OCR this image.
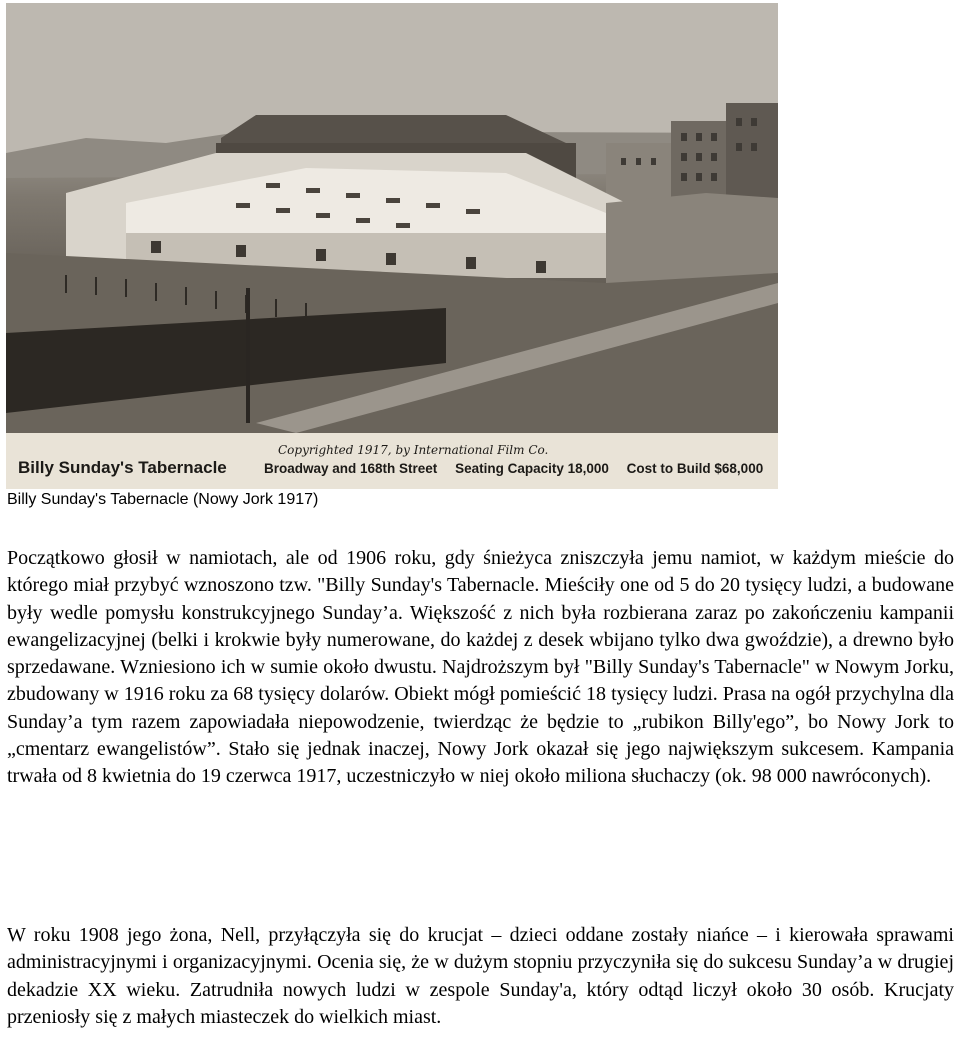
Billy Sunday's Tabernacle
Copyrighted 1917, by International Film Co.
Broadway and 168th Street Seating Capacity 18,000 Cost to Build $68,000
Billy Sunday's Tabernacle (Nowy Jork 1917)

Początkowo głosił w namiotach, ale od 1906 roku, gdy śnieżyca zniszczyła jemu namiot, w każdym mieście do którego miał przybyć wznoszono tzw. "Billy Sunday's Tabernacle. Mieściły one od 5 do 20 tysięcy ludzi, a budowane były wedle pomysłu konstrukcyjnego Sunday’a. Większość z nich była rozbierana zaraz po zakończeniu kampanii ewangelizacyjnej (belki i krokwie były numerowane, do każdej z desek wbijano tylko dwa gwoździe), a drewno było sprzedawane. Wzniesiono ich w sumie około dwustu. Najdroższym był "Billy Sunday's Tabernacle" w Nowym Jorku, zbudowany w 1916 roku za 68 tysięcy dolarów. Obiekt mógł pomieścić 18 tysięcy ludzi. Prasa na ogół przychylna dla Sunday’a tym razem zapowiadała niepowodzenie, twierdząc że będzie to „rubikon Billy'ego”, bo Nowy Jork to „cmentarz ewangelistów”. Stało się jednak inaczej, Nowy Jork okazał się jego największym sukcesem. Kampania trwała od 8 kwietnia do 19 czerwca 1917, uczestniczyło w niej około miliona słuchaczy (ok. 98 000 nawróconych).

W roku 1908 jego żona, Nell, przyłączyła się do krucjat – dzieci oddane zostały niańce – i kierowała sprawami administracyjnymi i organizacyjnymi. Ocenia się, że w dużym stopniu przyczyniła się do sukcesu Sunday’a w drugiej dekadzie XX wieku. Zatrudniła nowych ludzi w zespole Sunday'a, który odtąd liczył około 30 osób. Krucjaty przeniosły się z małych miasteczek do wielkich miast.
